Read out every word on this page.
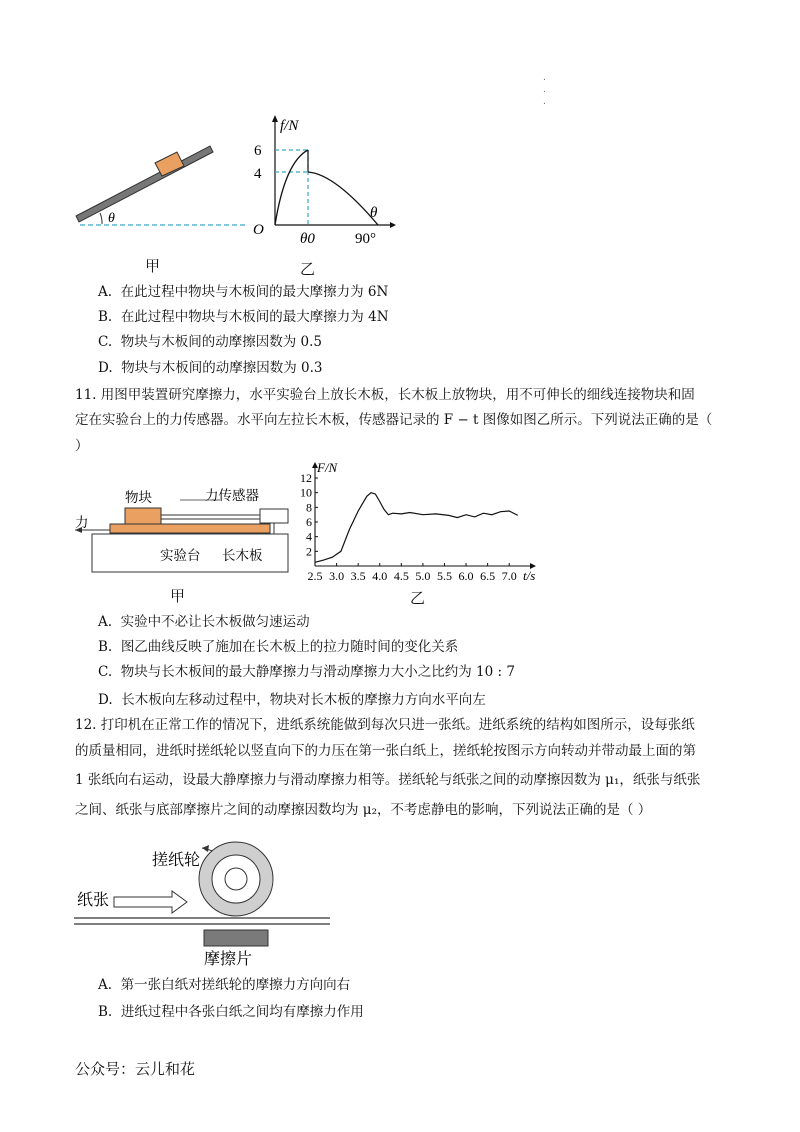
.
.
.
θ
甲
f/N
θ
O
6
4
θ0	90°
乙
A. 在此过程中物块与木板间的最大摩擦力为 6N
B. 在此过程中物块与木板间的最大摩擦力为 4N
C. 物块与木板间的动摩擦因数为 0.5
D. 物块与木板间的动摩擦因数为 0.3
11. 用图甲装置研究摩擦力，水平实验台上放长木板，长木板上放物块，用不可伸长的细线连接物块和固
定在实验台上的力传感器。水平向左拉长木板，传感器记录的 F − t 图像如图乙所示。下列说法正确的是（
）
物块	力传感器
力
实验台 长木板
甲
2
4
6
8
10
12
2.5 3.0 3.5 4.0 4.5 5.0 5.5 6.0 6.5 7.0
F/N
t/s
乙
A. 实验中不必让长木板做匀速运动
B. 图乙曲线反映了施加在长木板上的拉力随时间的变化关系
C. 物块与长木板间的最大静摩擦力与滑动摩擦力大小之比约为 10 : 7
D. 长木板向左移动过程中，物块对长木板的摩擦力方向水平向左
12. 打印机在正常工作的情况下，进纸系统能做到每次只进一张纸。进纸系统的结构如图所示，设每张纸
的质量相同，进纸时搓纸轮以竖直向下的力压在第一张白纸上，搓纸轮按图示方向转动并带动最上面的第
1 张纸向右运动，设最大静摩擦力与滑动摩擦力相等。搓纸轮与纸张之间的动摩擦因数为 μ₁，纸张与纸张
之间、纸张与底部摩擦片之间的动摩擦因数均为 μ₂，不考虑静电的影响，下列说法正确的是（ ）
搓纸轮
纸张
摩擦片
A. 第一张白纸对搓纸轮的摩擦力方向向右
B. 进纸过程中各张白纸之间均有摩擦力作用
公众号：云儿和花
